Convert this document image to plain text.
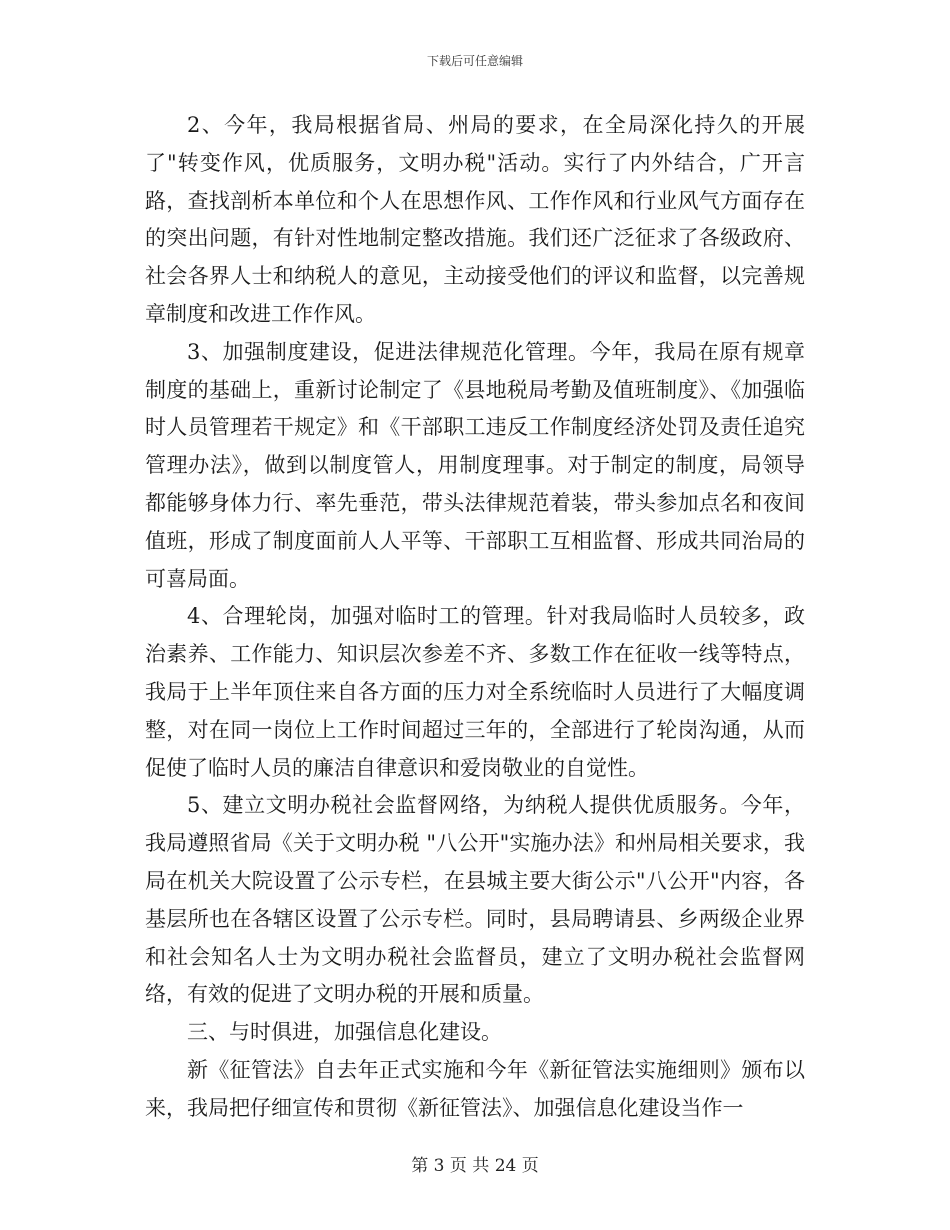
下载后可任意编辑

2、今年，我局根据省局、州局的要求，在全局深化持久的开展了"转变作风，优质服务，文明办税"活动。实行了内外结合，广开言路，查找剖析本单位和个人在思想作风、工作作风和行业风气方面存在的突出问题，有针对性地制定整改措施。我们还广泛征求了各级政府、社会各界人士和纳税人的意见，主动接受他们的评议和监督，以完善规章制度和改进工作作风。

3、加强制度建设，促进法律规范化管理。今年，我局在原有规章制度的基础上，重新讨论制定了《县地税局考勤及值班制度》、《加强临时人员管理若干规定》和《干部职工违反工作制度经济处罚及责任追究管理办法》，做到以制度管人，用制度理事。对于制定的制度，局领导都能够身体力行、率先垂范，带头法律规范着装，带头参加点名和夜间值班，形成了制度面前人人平等、干部职工互相监督、形成共同治局的可喜局面。

4、合理轮岗，加强对临时工的管理。针对我局临时人员较多，政治素养、工作能力、知识层次参差不齐、多数工作在征收一线等特点，我局于上半年顶住来自各方面的压力对全系统临时人员进行了大幅度调整，对在同一岗位上工作时间超过三年的，全部进行了轮岗沟通，从而促使了临时人员的廉洁自律意识和爱岗敬业的自觉性。

5、建立文明办税社会监督网络，为纳税人提供优质服务。今年，我局遵照省局《关于文明办税 "八公开"实施办法》和州局相关要求，我局在机关大院设置了公示专栏，在县城主要大街公示"八公开"内容，各基层所也在各辖区设置了公示专栏。同时，县局聘请县、乡两级企业界和社会知名人士为文明办税社会监督员，建立了文明办税社会监督网络，有效的促进了文明办税的开展和质量。

三、与时俱进，加强信息化建设。

新《征管法》自去年正式实施和今年《新征管法实施细则》颁布以来，我局把仔细宣传和贯彻《新征管法》、加强信息化建设当作一

第 3 页 共 24 页
